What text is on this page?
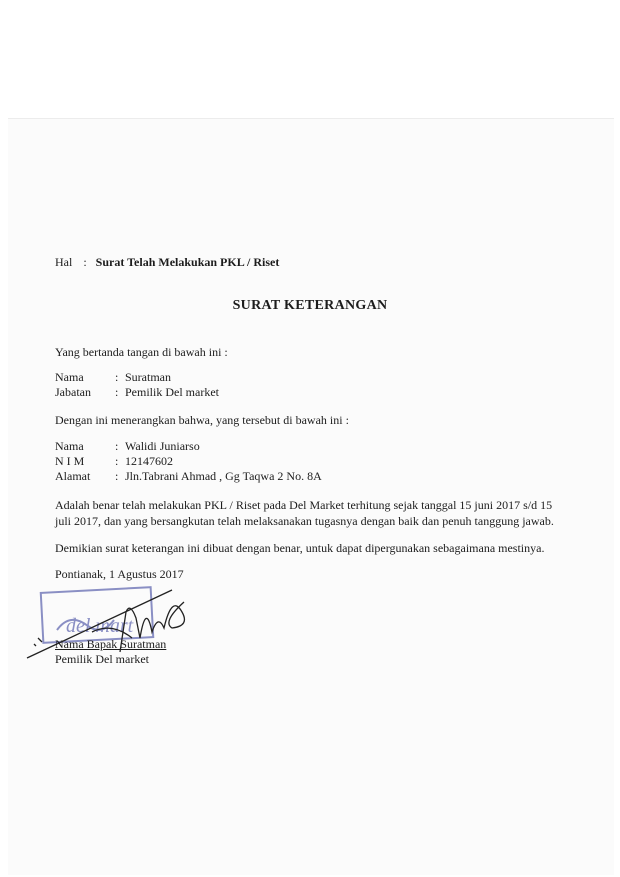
Hal : Surat Telah Melakukan PKL / Riset
SURAT KETERANGAN
Yang bertanda tangan di bawah ini :
Nama	: Suratman
Jabatan : Pemilik Del market
Dengan ini menerangkan bahwa, yang tersebut di bawah ini :
Nama	: Walidi Juniarso
N I M	: 12147602
Alamat : Jln.Tabrani Ahmad , Gg Taqwa 2 No. 8A
Adalah benar telah melakukan PKL / Riset pada Del Market terhitung sejak tanggal 15 juni 2017 s/d 15
juli 2017, dan yang bersangkutan telah melaksanakan tugasnya dengan baik dan penuh tanggung jawab.
Demikian surat keterangan ini dibuat dengan benar, untuk dapat dipergunakan sebagaimana mestinya.
Pontianak, 1 Agustus 2017
del mart
Nama Bapak Suratman
Pemilik Del market
